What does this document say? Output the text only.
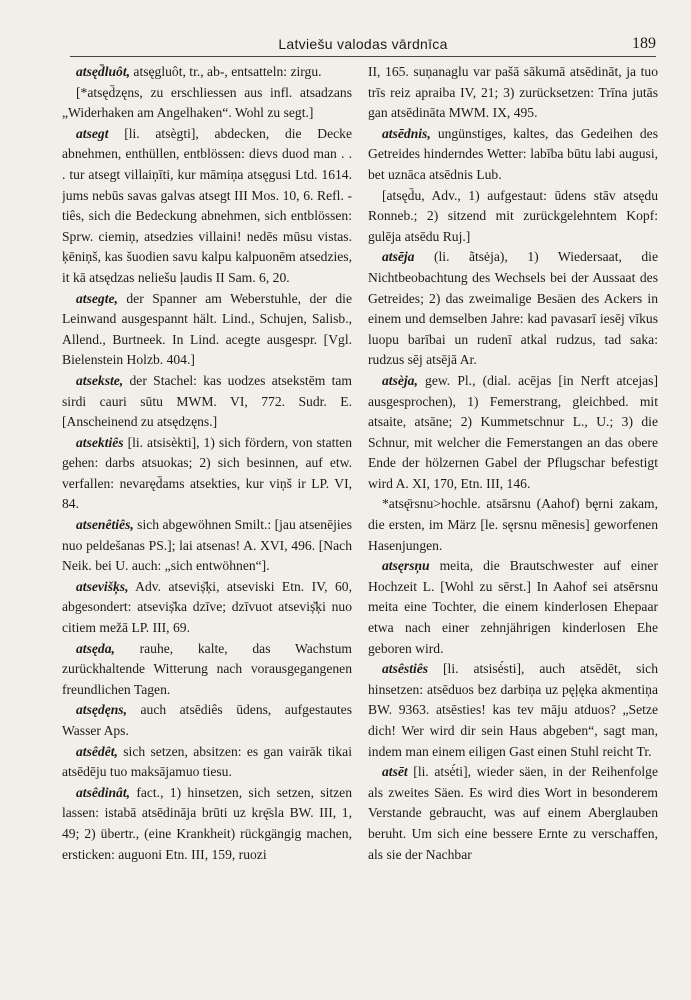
Latviešu valodas vārdnīca	189

atsęd̄luôt, atsęgluôt, tr., ab-, entsatteln: zirgu.

[*atsęd̄zęns, zu erschliessen aus infl. atsadzans „Widerhaken am Angelhaken“. Wohl zu segt.]

atsegt [li. atsègti], abdecken, die Decke abnehmen, enthüllen, entblössen: dievs duod man . . . tur atsegt villaiņīti, kur māmiņa atsęgusi Ltd. 1614. jums nebūs savas galvas atsegt III Mos. 10, 6. Refl. -tiês, sich die Bedeckung abnehmen, sich entblössen: Sprw. ciemiņ, atsedzies villaini! nedēs mūsu vistas. ķēniņš, kas šuodien savu kalpu kalpuonēm atsedzies, it kā atsędzas neliešu ļaudis II Sam. 6, 20.

atsegte, der Spanner am Weberstuhle, der die Leinwand ausgespannt hält. Lind., Schujen, Salisb., Allend., Burtneek. In Lind. acegte ausgespr. [Vgl. Bielenstein Holzb. 404.]

atsekste, der Stachel: kas uodzes atsekstēm tam sirdi cauri sūtu MWM. VI, 772. Sudr. E. [Anscheinend zu atsędzęns.]

atsektiês [li. atsisèkti], 1) sich fördern, von statten gehen: darbs atsuokas; 2) sich besinnen, auf etw. verfallen: nevaręd̄ams atsekties, kur viņš ir LP. VI, 84.

atsenêtiês, sich abgewöhnen Smilt.: [jau atsenējies nuo peldešanas PS.]; lai atsenas! A. XVI, 496. [Nach Neik. bei U. auch: „sich entwöhnen“].

atsevišķs, Adv. atseviș̌ķi, atseviski Etn. IV, 60, abgesondert: atseviș̌ka dzīve; dzīvuot atseviș̌ķi nuo citiem mežā LP. III, 69.

atsęda, rauhe, kalte, das Wachstum zurückhaltende Witterung nach vorausgegangenen freundlichen Tagen.

atsędęns, auch atsēdiês ūdens, aufgestautes Wasser Aps.

atsêdêt, sich setzen, absitzen: es gan vairāk tikai atsēdēju tuo maksājamuo tiesu.

atsêdinât, fact., 1) hinsetzen, sich setzen, sitzen lassen: istabā atsēdināja brūti uz krę̄sla BW. III, 1, 49; 2) übertr., (eine Krankheit) rückgängig machen, ersticken: auguoni Etn. III, 159, ruozi

II, 165. suņanaglu var pašā sākumā atsēdināt, ja tuo trīs reiz apraiba IV, 21; 3) zurücksetzen: Trīna jutās gan atsēdināta MWM. IX, 495.

atsēdnis, ungünstiges, kaltes, das Gedeihen des Getreides hinderndes Wetter: labība būtu labi augusi, bet uznāca atsēdnis Lub.

[atsęd̄u, Adv., 1) aufgestaut: ūdens stāv atsędu Ronneb.; 2) sitzend mit zurückgelehntem Kopf: gulēja atsēdu Ruj.]

atsēja (li. ãtsėja), 1) Wiedersaat, die Nichtbeobachtung des Wechsels bei der Aussaat des Getreides; 2) das zweimalige Besäen des Ackers in einem und demselben Jahre: kad pavasarī iesēj vīkus luopu barībai un rudenī atkal rudzus, tad saka: rudzus sēj atsējā Ar.

atsèja, gew. Pl., (dial. acējas [in Nerft atcejas] ausgesprochen), 1) Femerstrang, gleichbed. mit atsaite, atsāne; 2) Kummetschnur L., U.; 3) die Schnur, mit welcher die Femerstangen an das obere Ende der hölzernen Gabel der Pflugschar befestigt wird A. XI, 170, Etn. III, 146.

*atsę̄rsnu>hochle. atsārsnu (Aahof) bęrni zakam, die ersten, im März [le. sęrsnu mēnesis] geworfenen Hasenjungen.

atsęrsņu meita, die Brautschwester auf einer Hochzeit L. [Wohl zu sērst.] In Aahof sei atsērsnu meita eine Tochter, die einem kinderlosen Ehepaar etwa nach einer zehnjährigen kinderlosen Ehe geboren wird.

atsêstiês [li. atsisė́sti], auch atsēdēt, sich hinsetzen: atsēduos bez darbiņa uz pęļęka akmentiņa BW. 9363. atsēsties! kas tev māju atduos? „Setze dich! Wer wird dir sein Haus abgeben“, sagt man, indem man einem eiligen Gast einen Stuhl reicht Tr.

atsēt [li. atsė́ti], wieder säen, in der Reihenfolge als zweites Säen. Es wird dies Wort in besonderem Verstande gebraucht, was auf einem Aberglauben beruht. Um sich eine bessere Ernte zu verschaffen, als sie der Nachbar
